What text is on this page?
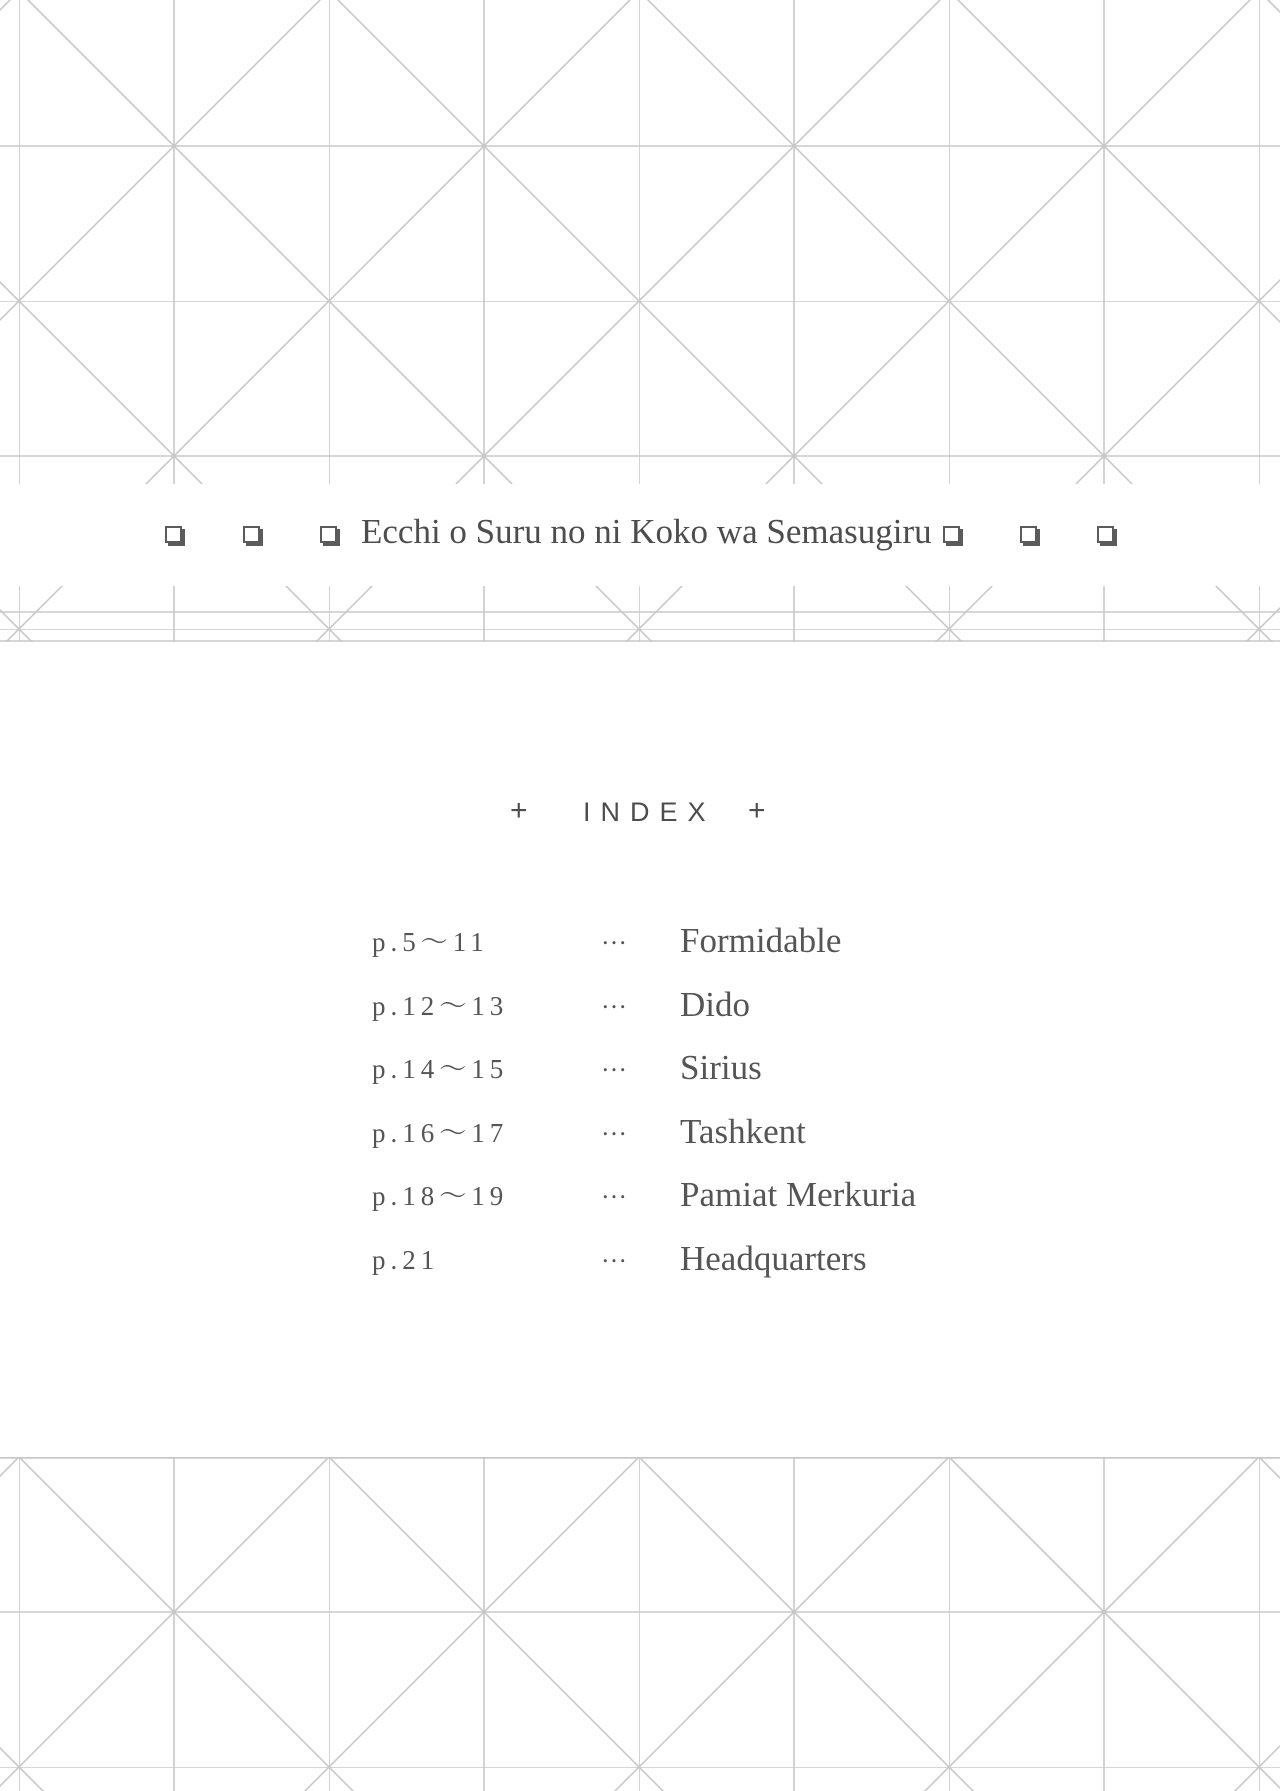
Ecchi o Suru no ni Koko wa Semasugiru
+ INDEX +
p.5～11	… Formidable
p.12～13	… Dido
p.14～15	… Sirius
p.16～17	… Tashkent
p.18～19	… Pamiat Merkuria
p.21	… Headquarters
